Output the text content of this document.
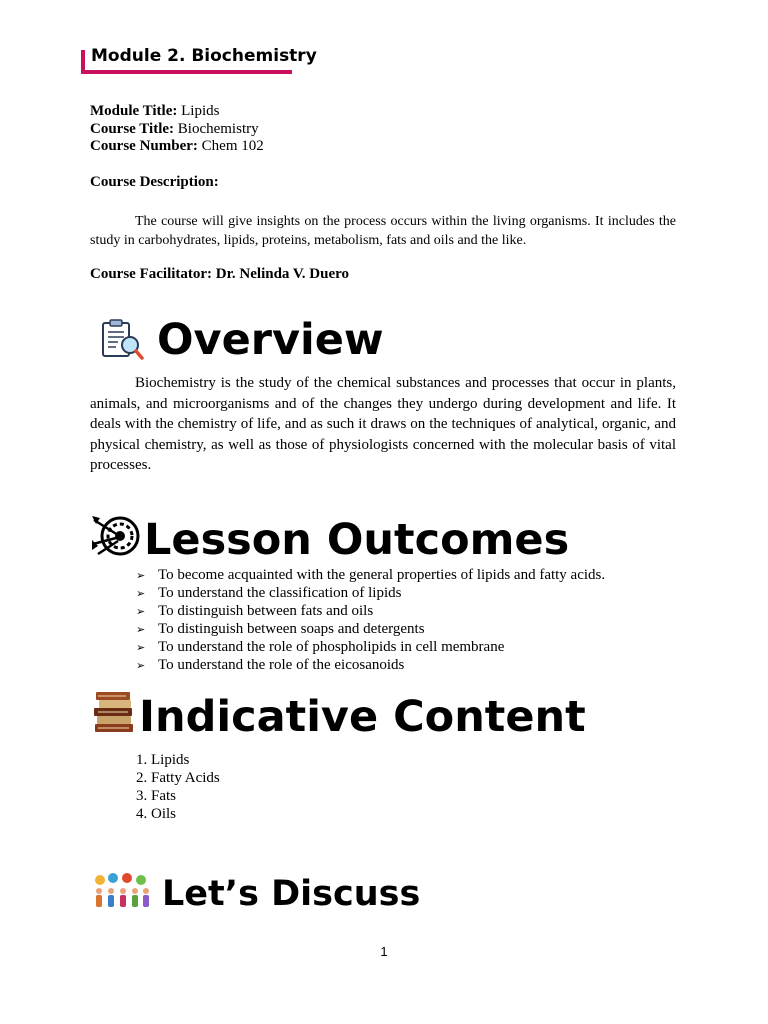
Module 2. Biochemistry
Module Title: Lipids
Course Title: Biochemistry
Course Number: Chem 102
Course Description:
The course will give insights on the process occurs within the living organisms. It includes the study in carbohydrates, lipids, proteins, metabolism, fats and oils and the like.
Course Facilitator: Dr. Nelinda V. Duero
Overview
Biochemistry is the study of the chemical substances and processes that occur in plants, animals, and microorganisms and of the changes they undergo during development and life. It deals with the chemistry of life, and as such it draws on the techniques of analytical, organic, and physical chemistry, as well as those of physiologists concerned with the molecular basis of vital processes.
Lesson Outcomes
➢ To become acquainted with the general properties of lipids and fatty acids.
➢ To understand the classification of lipids
➢ To distinguish between fats and oils
➢ To distinguish between soaps and detergents
➢ To understand the role of phospholipids in cell membrane
➢ To understand the role of the eicosanoids
Indicative Content
1. Lipids
2. Fatty Acids
3. Fats
4. Oils
Let’s Discuss
1
